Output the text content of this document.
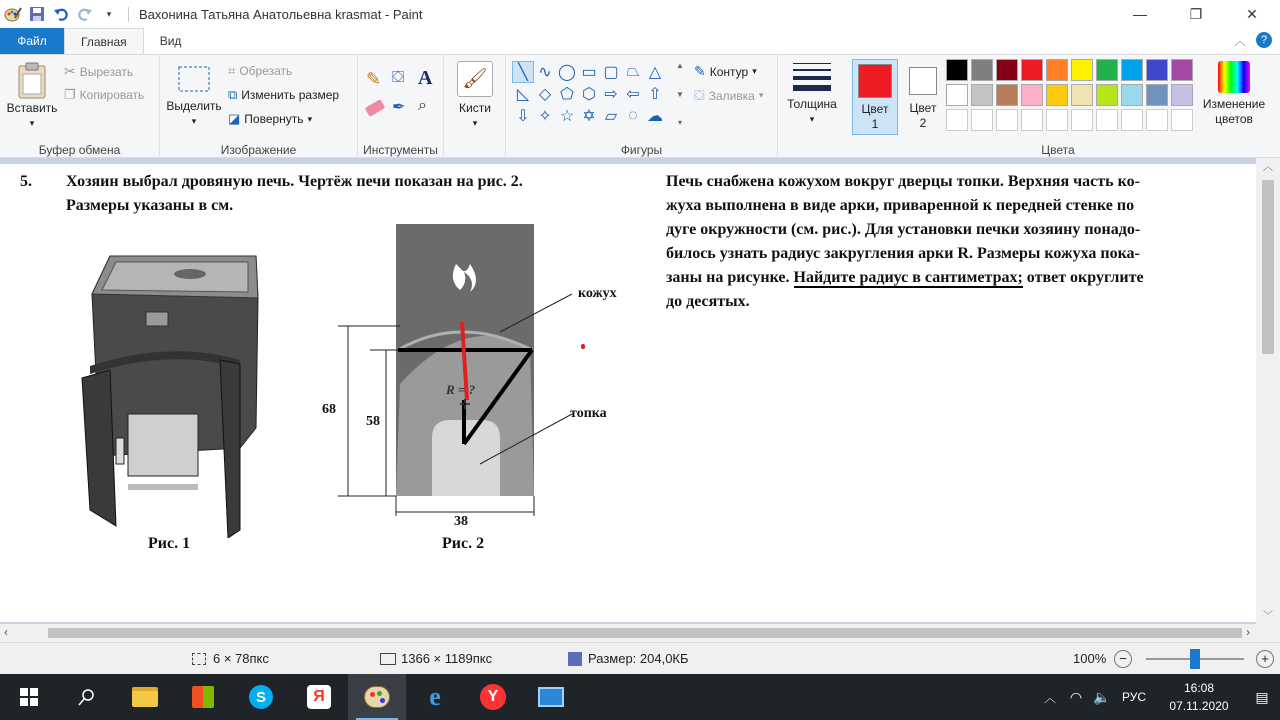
▾	Вахонина Татьяна Анатольевна krasmat - Paint	—	❐	✕
Файл	Главная	Вид	︿	?
Вставить
▾
✂ Вырезать
❐ Копировать
Буфер обмена
Выделить
▾
⌗ Обрезать
⧉ Изменить размер
◪ Повернуть ▾
Изображение
✎ ⛋ A
✒ ⌕
Инструменты
🖌
Кисти
▾
╲ ∿ ◯ ▭ ▢ ⏢ △
◺ ◇ ⬠ ⬡ ⇨ ⇦ ⇧
⇩ ✧ ☆ ✡ ▱ ◌ ☁
▲
▼
▾
✎ Контур ▾
⛋ Заливка ▾
Фигуры
Толщина
▾
Цвет
1
Цвет
2
Изменение
цветов
Цвета
5. Хозяин выбрал дровяную печь. Чертёж печи показан на рис. 2.
Размеры указаны в см.
Печь снабжена кожухом вокруг дверцы топки. Верхняя часть ко-
жуха выполнена в виде арки, приваренной к передней стенке по
дуге окружности (см. рис.). Для установки печки хозяину понадо-
билось узнать радиус закругления арки R. Размеры кожуха пока-
заны на рисунке. Найдите радиус в сантиметрах; ответ округлите
до десятых.
Рис. 1
кожух
топка
68
58
38
R = ?
Рис. 2
✛
︿
﹀
‹	›
6 × 78пкс	1366 × 1189пкс	Размер: 204,0КБ	100% −	+
S	Я	e	Y	︿ ◠ 🔈 РУС
16:08
07.11.2020
▤
